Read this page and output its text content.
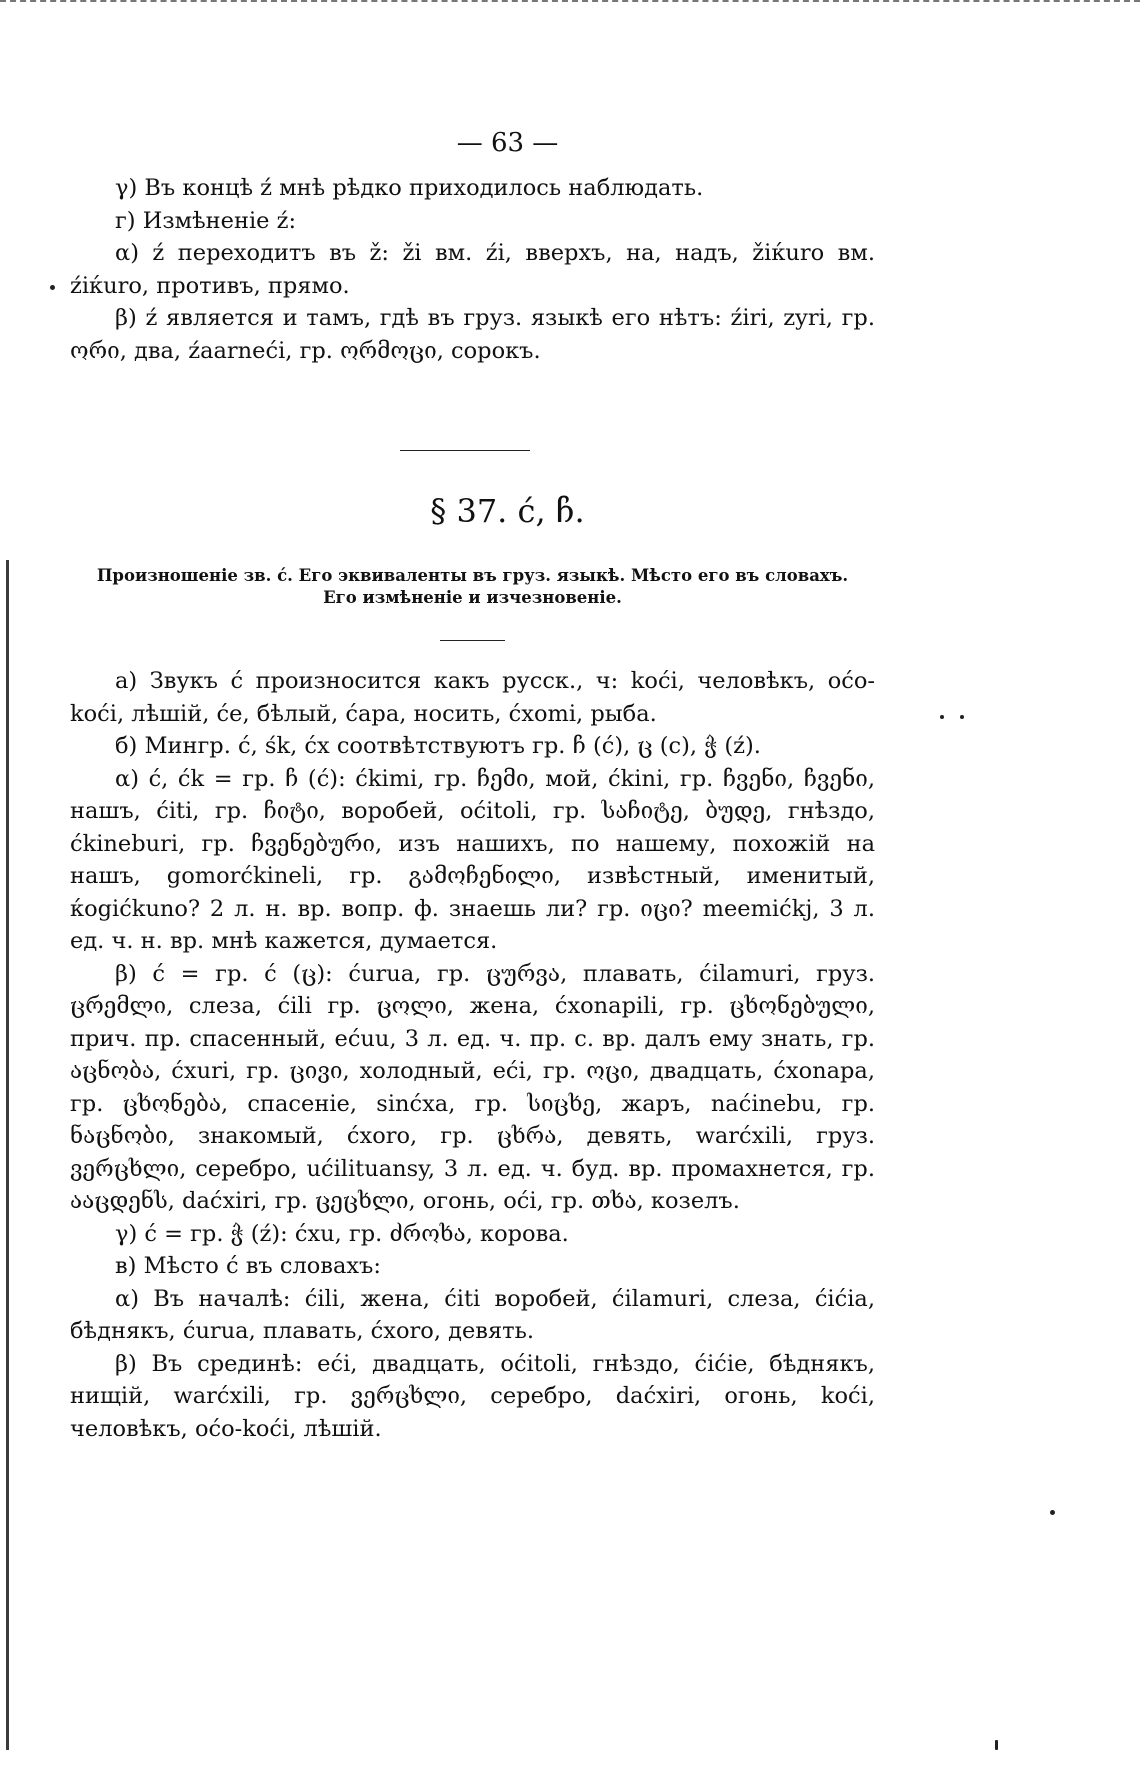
— 63 —

γ) Въ концѣ ź мнѣ рѣдко приходилось наблюдать.

г) Измѣненіе ź:

α) ź переходитъ въ ž: ži вм. źi, вверхъ, на, надъ, žiќuro вм. źiќuro, противъ, прямо.

β) ź является и тамъ, гдѣ въ груз. языкѣ его нѣтъ: źiri, zyri, гр. ორი, два, źaarneći, гр. ორმოცი, сорокъ.

§ 37. ć, ჩ.
Произношеніе зв. ć. Его эквиваленты въ груз. языкѣ. Мѣсто его въ словахъ.
Его измѣненіе и изчезновеніе.

а) Звукъ ć произносится какъ русск., ч: koći, человѣкъ, oćo-koći, лѣшій, će, бѣлый, ćapa, носить, ćxomi, рыба.

б) Мингр. ć, śk, ćx соотвѣтствуютъ гр. ჩ (ć), ც (c), ჭ (ź).

α) ć, ćk = гр. ჩ (ć): ćkimi, гр. ჩემი, мой, ćkini, гр. ჩვენი, ჩვენი, нашъ, ćiti, гр. ჩიტი, воробей, oćitoli, гр. საჩიტე, ბუდე, гнѣздо, ćkineburi, гр. ჩვენებური, изъ нашихъ, по нашему, похожій на нашъ, gomorćkineli, гр. გამოჩენილი, извѣстный, именитый, ќogićkuno? 2 л. н. вр. вопр. ф. знаешь ли? гр. იცი? meemićkj, 3 л. ед. ч. н. вр. мнѣ кажется, думается.

β) ć = гр. ć (ც): ćurua, гр. ცურვა, плавать, ćilamuri, груз. ცრემლი, слеза, ćili гр. ცოლი, жена, ćxonapili, гр. ცხონებული, прич. пр. спасенный, ećuu, 3 л. ед. ч. пр. с. вр. далъ ему знать, гр. აცნობა, ćxuri, гр. ცივი, холодный, eći, гр. ოცი, двадцать, ćxonapa, гр. ცხონება, спасеніе, sinćxa, гр. სიცხე, жаръ, naćinebu, гр. ნაცნობი, знакомый, ćxoro, гр. ცხრა, девять, warćxili, груз. ვერცხლი, серебро, ućilituansy, 3 л. ед. ч. буд. вр. промахнется, гр. ააცდენს, daćxiri, гр. ცეცხლი, огонь, oći, гр. თხა, козелъ.

γ) ć = гр. ჭ (ź): ćxu, гр. ძროხა, корова.

в) Мѣсто ć въ словахъ:

α) Въ началѣ: ćili, жена, ćiti воробей, ćilamuri, слеза, ćićia, бѣднякъ, ćurua, плавать, ćxoro, девять.

β) Въ срединѣ: eći, двадцать, oćitoli, гнѣздо, ćićie, бѣднякъ, нищій, warćxili, гр. ვერცხლი, серебро, daćxiri, огонь, koći, человѣкъ, oćo-koći, лѣшій.
